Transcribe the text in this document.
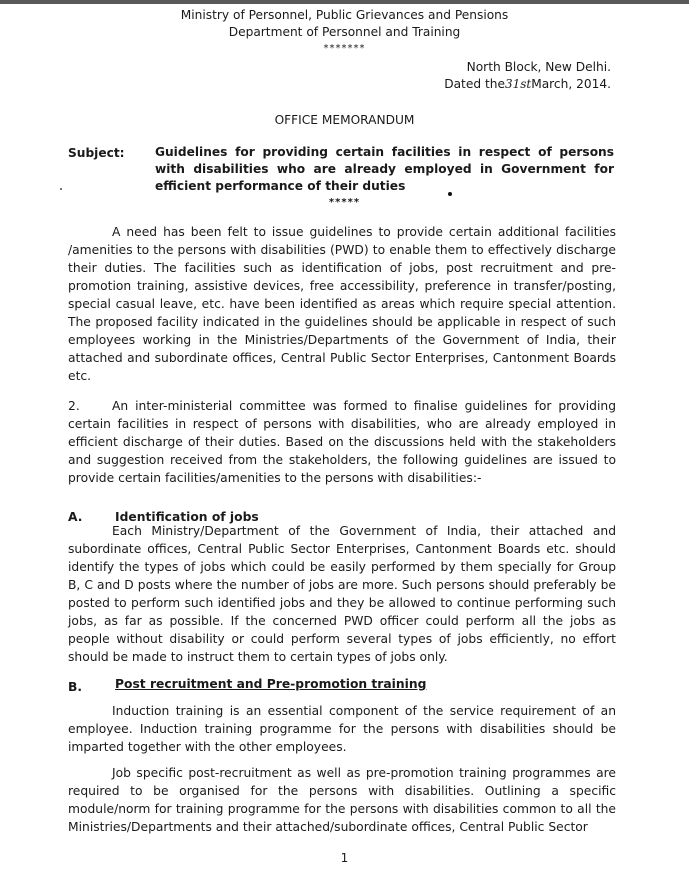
Ministry of Personnel, Public Grievances and Pensions
Department of Personnel and Training
*******
North Block, New Delhi.
Dated the31stMarch, 2014.
OFFICE MEMORANDUM
Subject: Guidelines for providing certain facilities in respect of persons with disabilities who are already employed in Government for efficient performance of their duties
*****

A need has been felt to issue guidelines to provide certain additional facilities /amenities to the persons with disabilities (PWD) to enable them to effectively discharge their duties. The facilities such as identification of jobs, post recruitment and pre-promotion training, assistive devices, free accessibility, preference in transfer/posting, special casual leave, etc. have been identified as areas which require special attention. The proposed facility indicated in the guidelines should be applicable in respect of such employees working in the Ministries/Departments of the Government of India, their attached and subordinate offices, Central Public Sector Enterprises, Cantonment Boards etc.

2.	An inter-ministerial committee was formed to finalise guidelines for providing certain facilities in respect of persons with disabilities, who are already employed in efficient discharge of their duties. Based on the discussions held with the stakeholders and suggestion received from the stakeholders, the following guidelines are issued to provide certain facilities/amenities to the persons with disabilities:-

A.	Identification of jobs

Each Ministry/Department of the Government of India, their attached and subordinate offices, Central Public Sector Enterprises, Cantonment Boards etc. should identify the types of jobs which could be easily performed by them specially for Group B, C and D posts where the number of jobs are more. Such persons should preferably be posted to perform such identified jobs and they be allowed to continue performing such jobs, as far as possible. If the concerned PWD officer could perform all the jobs as people without disability or could perform several types of jobs efficiently, no effort should be made to instruct them to certain types of jobs only.

B.	Post recruitment and Pre-promotion training

Induction training is an essential component of the service requirement of an employee. Induction training programme for the persons with disabilities should be imparted together with the other employees.

Job specific post-recruitment as well as pre-promotion training programmes are required to be organised for the persons with disabilities. Outlining a specific module/norm for training programme for the persons with disabilities common to all the Ministries/Departments and their attached/subordinate offices, Central Public Sector

1
